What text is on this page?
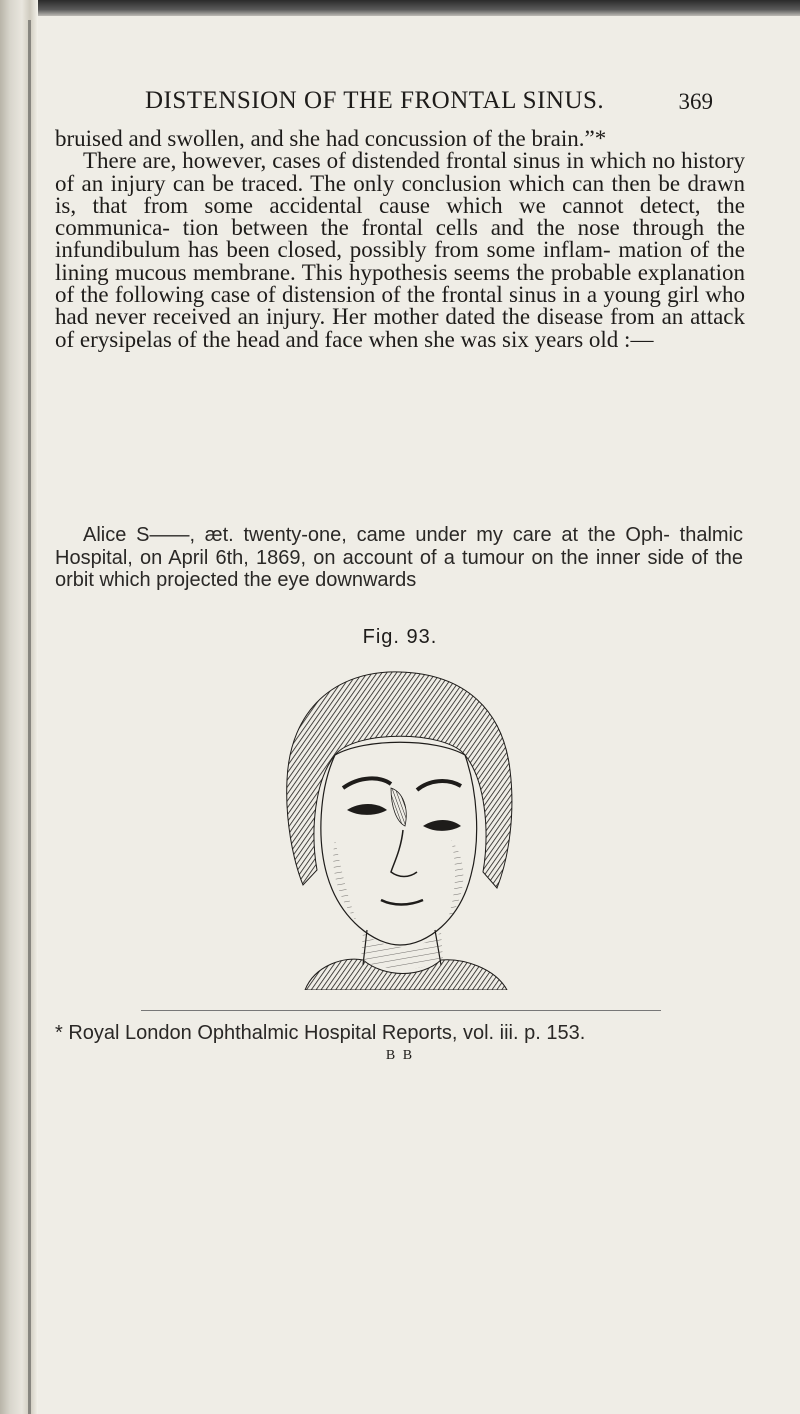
DISTENSION OF THE FRONTAL SINUS.	369

bruised and swollen, and she had concussion of the brain.”*

There are, however, cases of distended frontal sinus in which no history of an injury can be traced. The only conclusion which can then be drawn is, that from some accidental cause which we cannot detect, the communica- tion between the frontal cells and the nose through the infundibulum has been closed, possibly from some inflam- mation of the lining mucous membrane. This hypothesis seems the probable explanation of the following case of distension of the frontal sinus in a young girl who had never received an injury. Her mother dated the disease from an attack of erysipelas of the head and face when she was six years old :—

Alice S——, æt. twenty-one, came under my care at the Oph- thalmic Hospital, on April 6th, 1869, on account of a tumour on the inner side of the orbit which projected the eye downwards

Fig. 93.
* Royal London Ophthalmic Hospital Reports, vol. iii. p. 153.
B B
